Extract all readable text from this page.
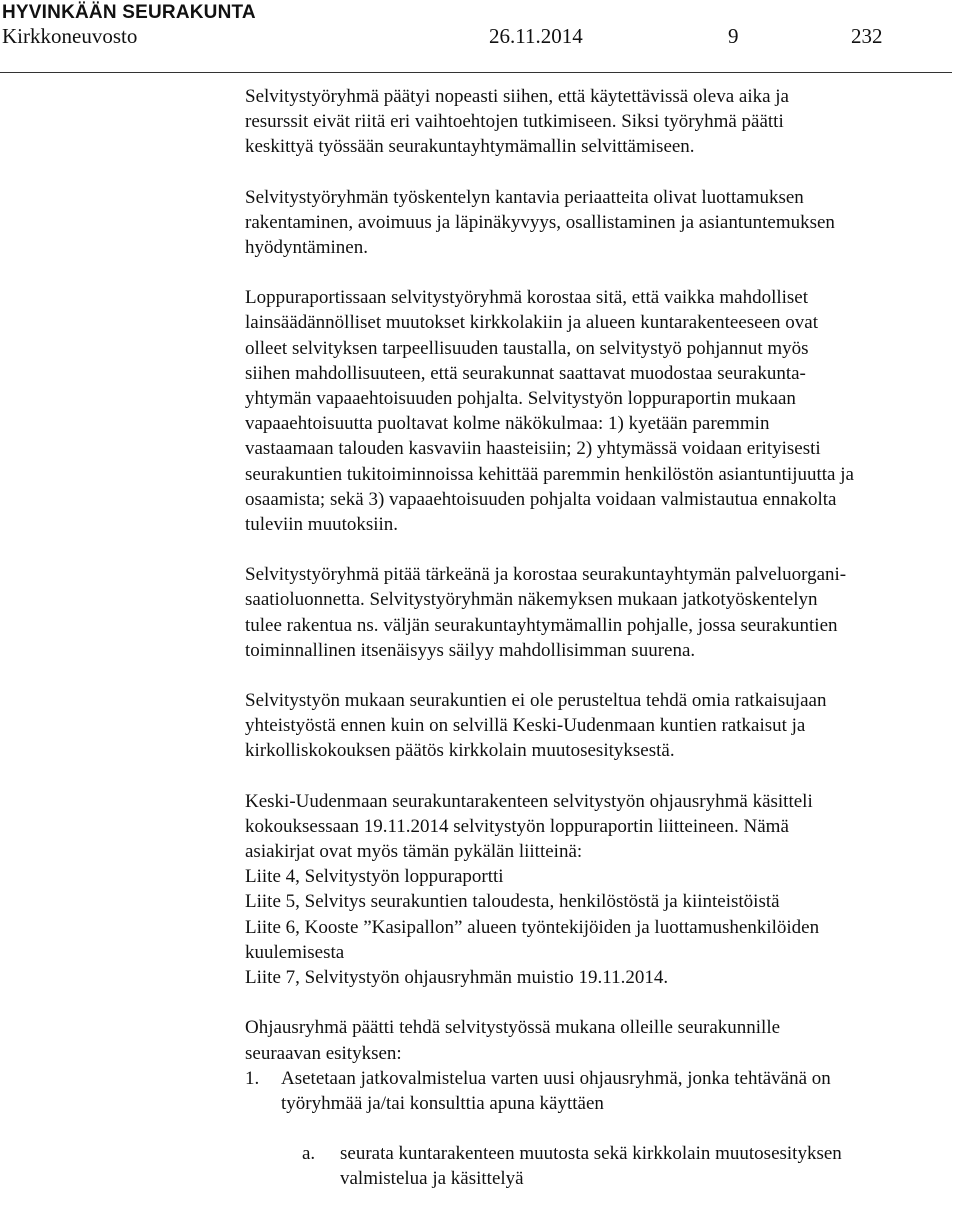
HYVINKÄÄN SEURAKUNTA
Kirkkoneuvosto	26.11.2014	9	232

Selvitystyöryhmä päätyi nopeasti siihen, että käytettävissä oleva aika ja
resurssit eivät riitä eri vaihtoehtojen tutkimiseen. Siksi työryhmä päätti
keskittyä työssään seurakuntayhtymämallin selvittämiseen.

Selvitystyöryhmän työskentelyn kantavia periaatteita olivat luottamuksen
rakentaminen, avoimuus ja läpinäkyvyys, osallistaminen ja asiantuntemuksen
hyödyntäminen.

Loppuraportissaan selvitystyöryhmä korostaa sitä, että vaikka mahdolliset
lainsäädännölliset muutokset kirkkolakiin ja alueen kuntarakenteeseen ovat
olleet selvityksen tarpeellisuuden taustalla, on selvitystyö pohjannut myös
siihen mahdollisuuteen, että seurakunnat saattavat muodostaa seurakunta-
yhtymän vapaaehtoisuuden pohjalta. Selvitystyön loppuraportin mukaan
vapaaehtoisuutta puoltavat kolme näkökulmaa: 1) kyetään paremmin
vastaamaan talouden kasvaviin haasteisiin; 2) yhtymässä voidaan erityisesti
seurakuntien tukitoiminnoissa kehittää paremmin henkilöstön asiantuntijuutta ja
osaamista; sekä 3) vapaaehtoisuuden pohjalta voidaan valmistautua ennakolta
tuleviin muutoksiin.

Selvitystyöryhmä pitää tärkeänä ja korostaa seurakuntayhtymän palveluorgani-
saatioluonnetta. Selvitystyöryhmän näkemyksen mukaan jatkotyöskentelyn
tulee rakentua ns. väljän seurakuntayhtymämallin pohjalle, jossa seurakuntien
toiminnallinen itsenäisyys säilyy mahdollisimman suurena.

Selvitystyön mukaan seurakuntien ei ole perusteltua tehdä omia ratkaisujaan
yhteistyöstä ennen kuin on selvillä Keski-Uudenmaan kuntien ratkaisut ja
kirkolliskokouksen päätös kirkkolain muutosesityksestä.

Keski-Uudenmaan seurakuntarakenteen selvitystyön ohjausryhmä käsitteli
kokouksessaan 19.11.2014 selvitystyön loppuraportin liitteineen. Nämä
asiakirjat ovat myös tämän pykälän liitteinä:
Liite 4, Selvitystyön loppuraportti
Liite 5, Selvitys seurakuntien taloudesta, henkilöstöstä ja kiinteistöistä
Liite 6, Kooste ”Kasipallon” alueen työntekijöiden ja luottamushenkilöiden
kuulemisesta
Liite 7, Selvitystyön ohjausryhmän muistio 19.11.2014.

Ohjausryhmä päätti tehdä selvitystyössä mukana olleille seurakunnille
seuraavan esityksen:

1. Asetetaan jatkovalmistelua varten uusi ohjausryhmä, jonka tehtävänä on
työryhmää ja/tai konsulttia apuna käyttäen
a. seurata kuntarakenteen muutosta sekä kirkkolain muutosesityksen
valmistelua ja käsittelyä
